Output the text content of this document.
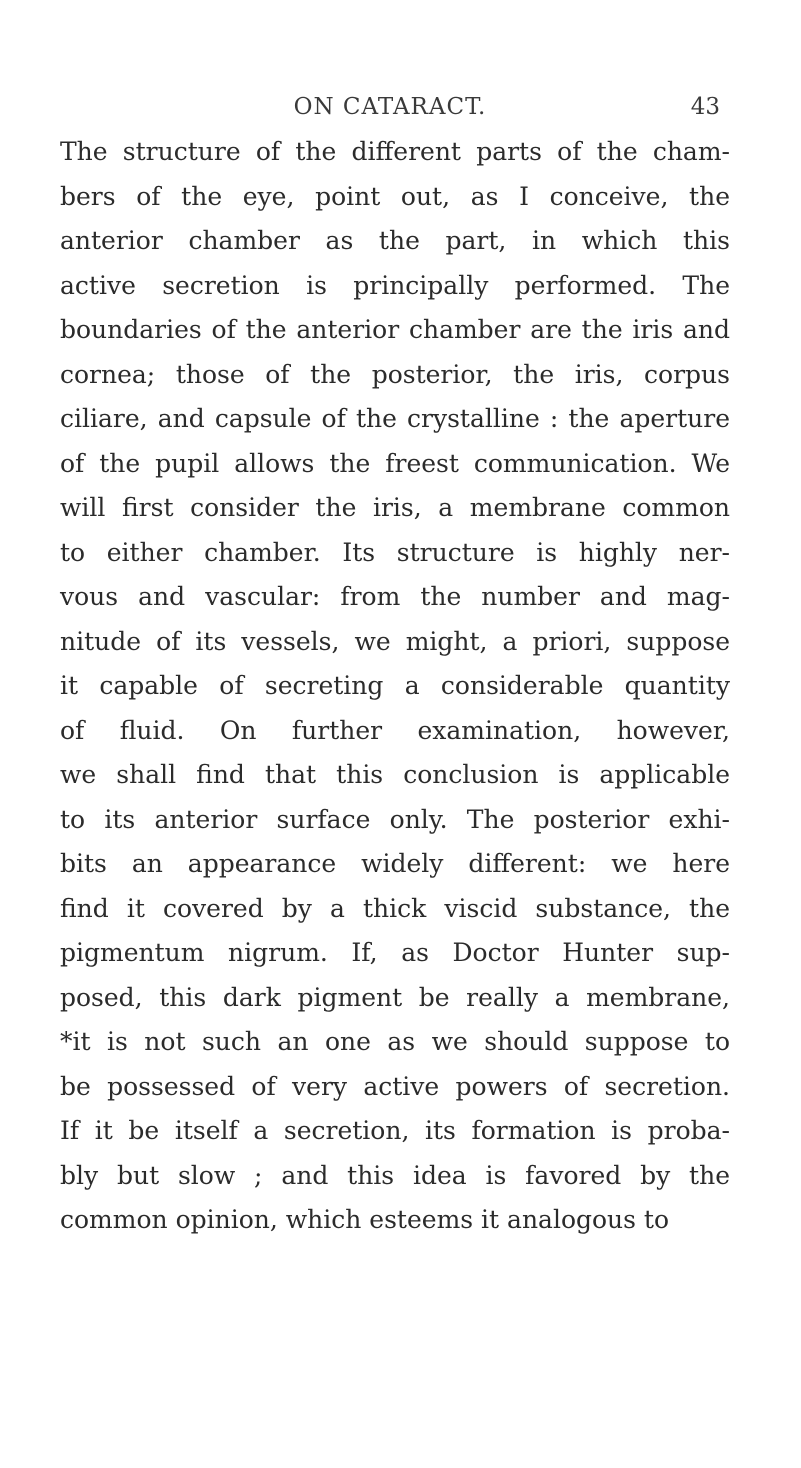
ON CATARACT.	43
The structure of the different parts of the cham-
bers of the eye, point out, as I conceive, the
anterior chamber as the part, in which this
active secretion is principally performed. The
boundaries of the anterior chamber are the iris and
cornea; those of the posterior, the iris, corpus
ciliare, and capsule of the crystalline : the aperture
of the pupil allows the freest communication. We
will first consider the iris, a membrane common
to either chamber. Its structure is highly ner-
vous and vascular: from the number and mag-
nitude of its vessels, we might, a priori, suppose
it capable of secreting a considerable quantity
of fluid. On further examination, however,
we shall find that this conclusion is applicable
to its anterior surface only. The posterior exhi-
bits an appearance widely different: we here
find it covered by a thick viscid substance, the
pigmentum nigrum. If, as Doctor Hunter sup-
posed, this dark pigment be really a membrane,
*it is not such an one as we should suppose to
be possessed of very active powers of secretion.
If it be itself a secretion, its formation is proba-
bly but slow ; and this idea is favored by the
common opinion, which esteems it analogous to
